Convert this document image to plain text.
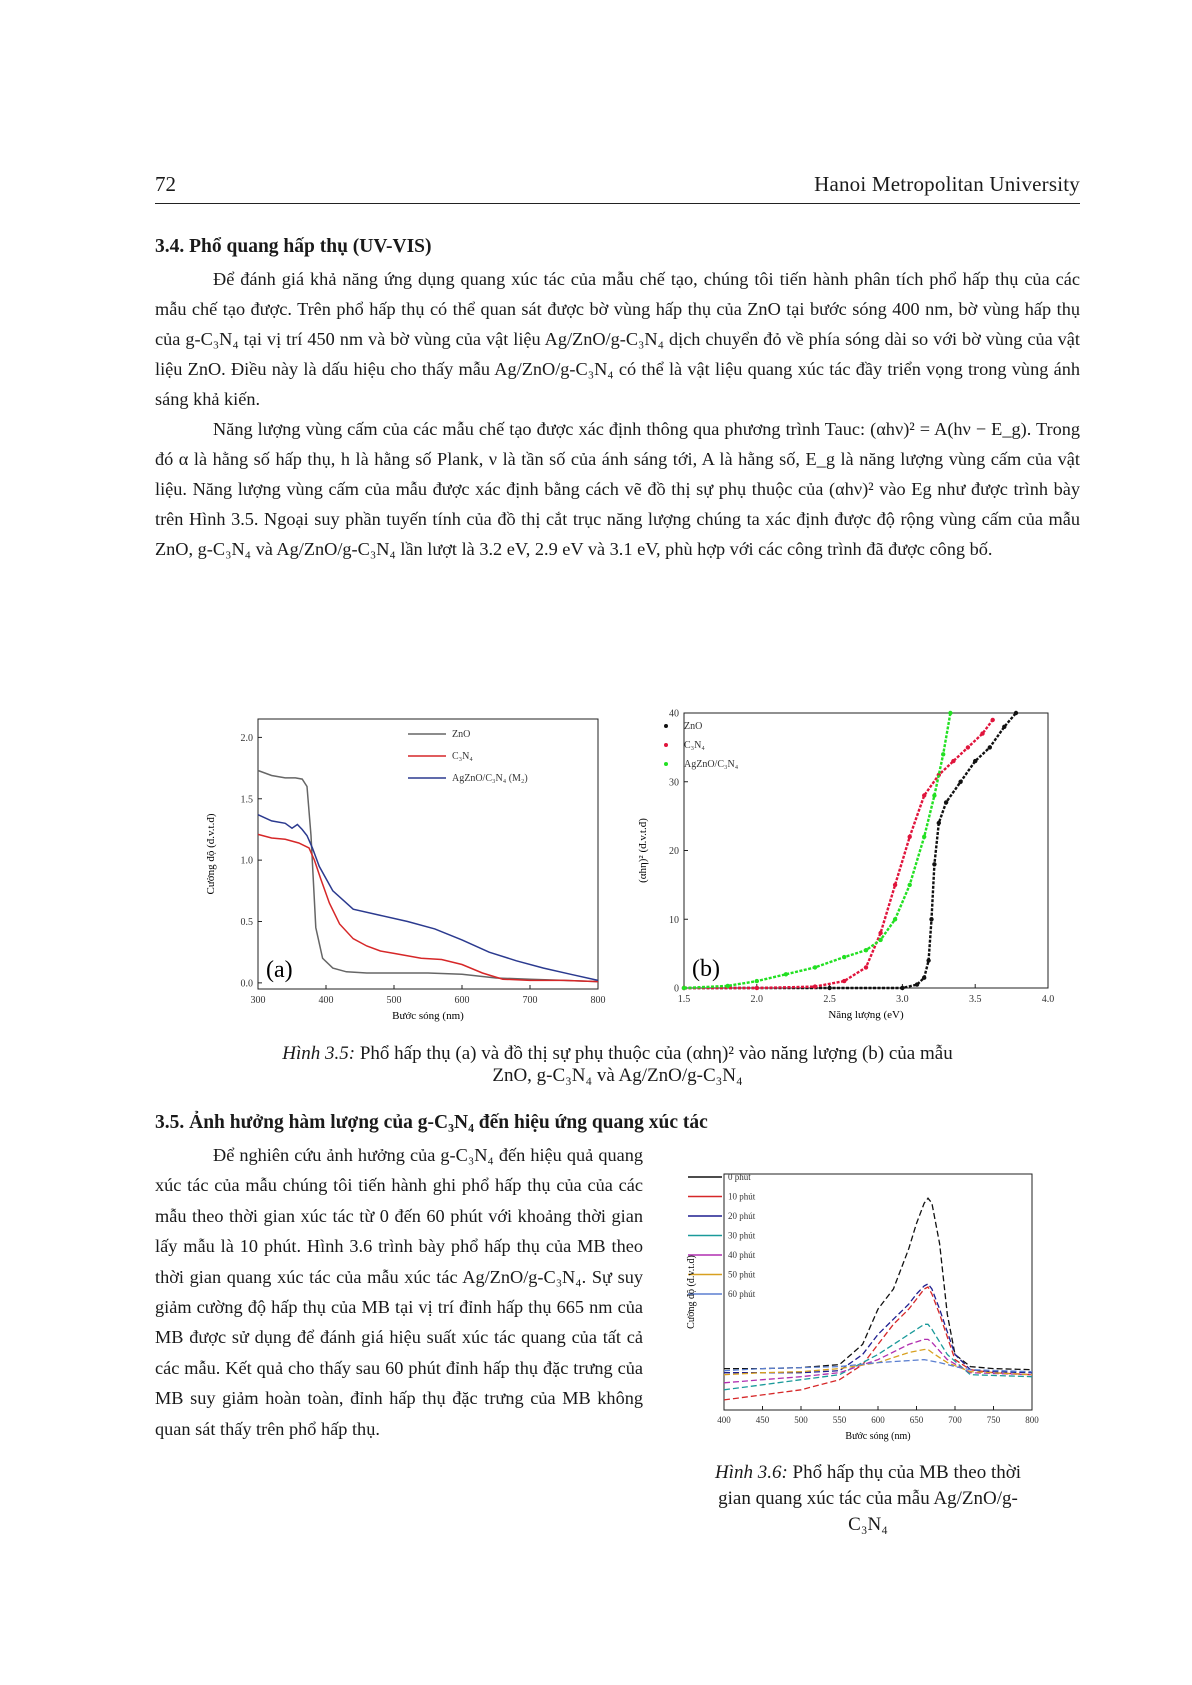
72	Hanoi Metropolitan University
3.4. Phổ quang hấp thụ (UV-VIS)

Để đánh giá khả năng ứng dụng quang xúc tác của mẫu chế tạo, chúng tôi tiến hành phân tích phổ hấp thụ của các mẫu chế tạo được. Trên phổ hấp thụ có thể quan sát được bờ vùng hấp thụ của ZnO tại bước sóng 400 nm, bờ vùng hấp thụ của g-C₃N₄ tại vị trí 450 nm và bờ vùng của vật liệu Ag/ZnO/g-C₃N₄ dịch chuyển đỏ về phía sóng dài so với bờ vùng của vật liệu ZnO. Điều này là dấu hiệu cho thấy mẫu Ag/ZnO/g-C₃N₄ có thể là vật liệu quang xúc tác đầy triển vọng trong vùng ánh sáng khả kiến.

Năng lượng vùng cấm của các mẫu chế tạo được xác định thông qua phương trình Tauc: (αhν)² = A(hν − E_g). Trong đó α là hằng số hấp thụ, h là hằng số Plank, ν là tần số của ánh sáng tới, A là hằng số, E_g là năng lượng vùng cấm của vật liệu. Năng lượng vùng cấm của mẫu được xác định bằng cách vẽ đồ thị sự phụ thuộc của (αhν)² vào Eg như được trình bày trên Hình 3.5. Ngoại suy phần tuyến tính của đồ thị cắt trục năng lượng chúng ta xác định được độ rộng vùng cấm của mẫu ZnO, g-C₃N₄ và Ag/ZnO/g-C₃N₄ lần lượt là 3.2 eV, 2.9 eV và 3.1 eV, phù hợp với các công trình đã được công bố.

300	400	500	600	700	800
0.0
0.5
1.0
1.5
2.0	ZnO
C₃N₄
AgZnO/C₃N₄ (M₂)
(a)
Bước sóng (nm)
Cường độ (đ.v.t.đ)
1.5	2.0	2.5	3.0	3.5	4.0
0
10
20
30
40
ZnO
C₃N₄
AgZnO/C₃N₄
(b)
Năng lượng (eV)
(αhη)² (đ.v.t.đ)
Hình 3.5: Phổ hấp thụ (a) và đồ thị sự phụ thuộc của (αhη)² vào năng lượng (b) của mẫu
ZnO, g-C₃N₄ và Ag/ZnO/g-C₃N₄
3.5. Ảnh hưởng hàm lượng của g-C₃N₄ đến hiệu ứng quang xúc tác

Để nghiên cứu ảnh hưởng của g-C₃N₄ đến hiệu quả quang xúc tác của mẫu chúng tôi tiến hành ghi phổ hấp thụ của của các mẫu theo thời gian xúc tác từ 0 đến 60 phút với khoảng thời gian lấy mẫu là 10 phút. Hình 3.6 trình bày phổ hấp thụ của MB theo thời gian quang xúc tác của mẫu xúc tác Ag/ZnO/g-C₃N₄. Sự suy giảm cường độ hấp thụ của MB tại vị trí đỉnh hấp thụ 665 nm của MB được sử dụng để đánh giá hiệu suất xúc tác quang của tất cả các mẫu. Kết quả cho thấy sau 60 phút đỉnh hấp thụ đặc trưng của MB suy giảm hoàn toàn, đỉnh hấp thụ đặc trưng của MB không quan sát thấy trên phổ hấp thụ.	400	450	500	550	600	650	700	750	800
0 phút
10 phút
20 phút
30 phút
40 phút
50 phút
60 phút
Bước sóng (nm)
Cường độ (đ.v.t.đ)
Hình 3.6: Phổ hấp thụ của MB theo thời
gian quang xúc tác của mẫu Ag/ZnO/g-
C₃N₄
